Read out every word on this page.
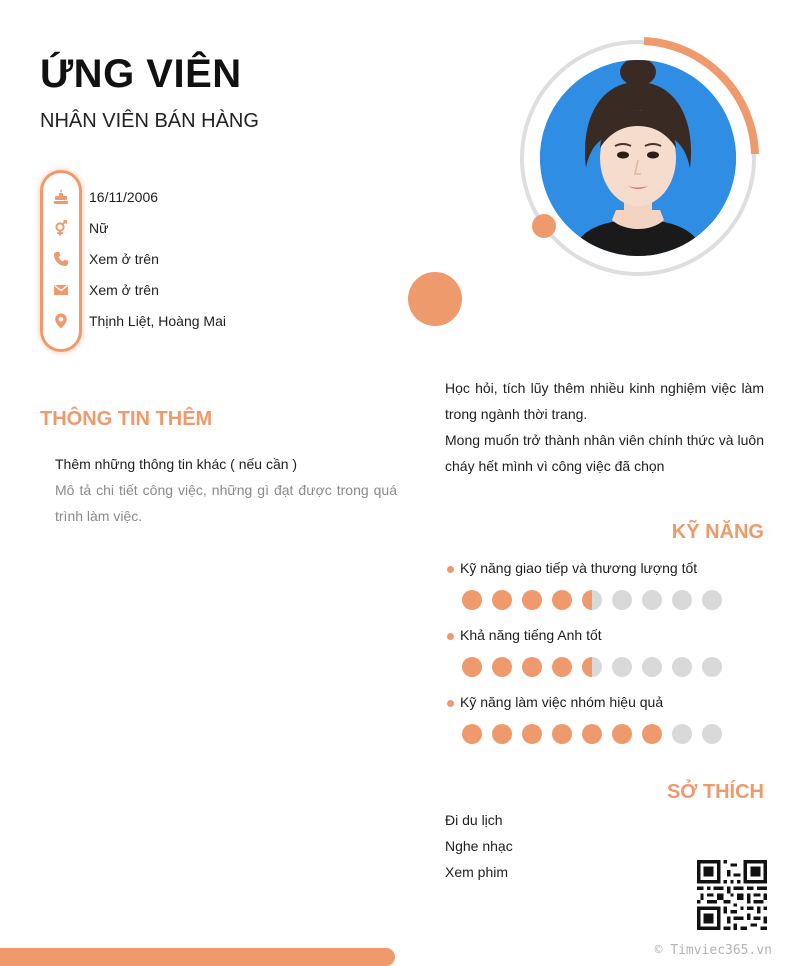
ỨNG VIÊN
NHÂN VIÊN BÁN HÀNG
16/11/2006
Nữ
Xem ở trên
Xem ở trên
Thịnh Liệt, Hoàng Mai
Học hỏi, tích lũy thêm nhiều kinh nghiệm việc làm trong ngành thời trang.
Mong muốn trở thành nhân viên chính thức và luôn cháy hết mình vì công việc đã chọn
THÔNG TIN THÊM
Thêm những thông tin khác ( nếu cần )
Mô tả chi tiết công việc, những gì đạt được trong quá trình làm việc.
KỸ NĂNG
Kỹ năng giao tiếp và thương lượng tốt
Khả năng tiếng Anh tốt
Kỹ năng làm việc nhóm hiệu quả
SỞ THÍCH
Đi du lịch
Nghe nhạc
Xem phim
© Timviec365.vn
